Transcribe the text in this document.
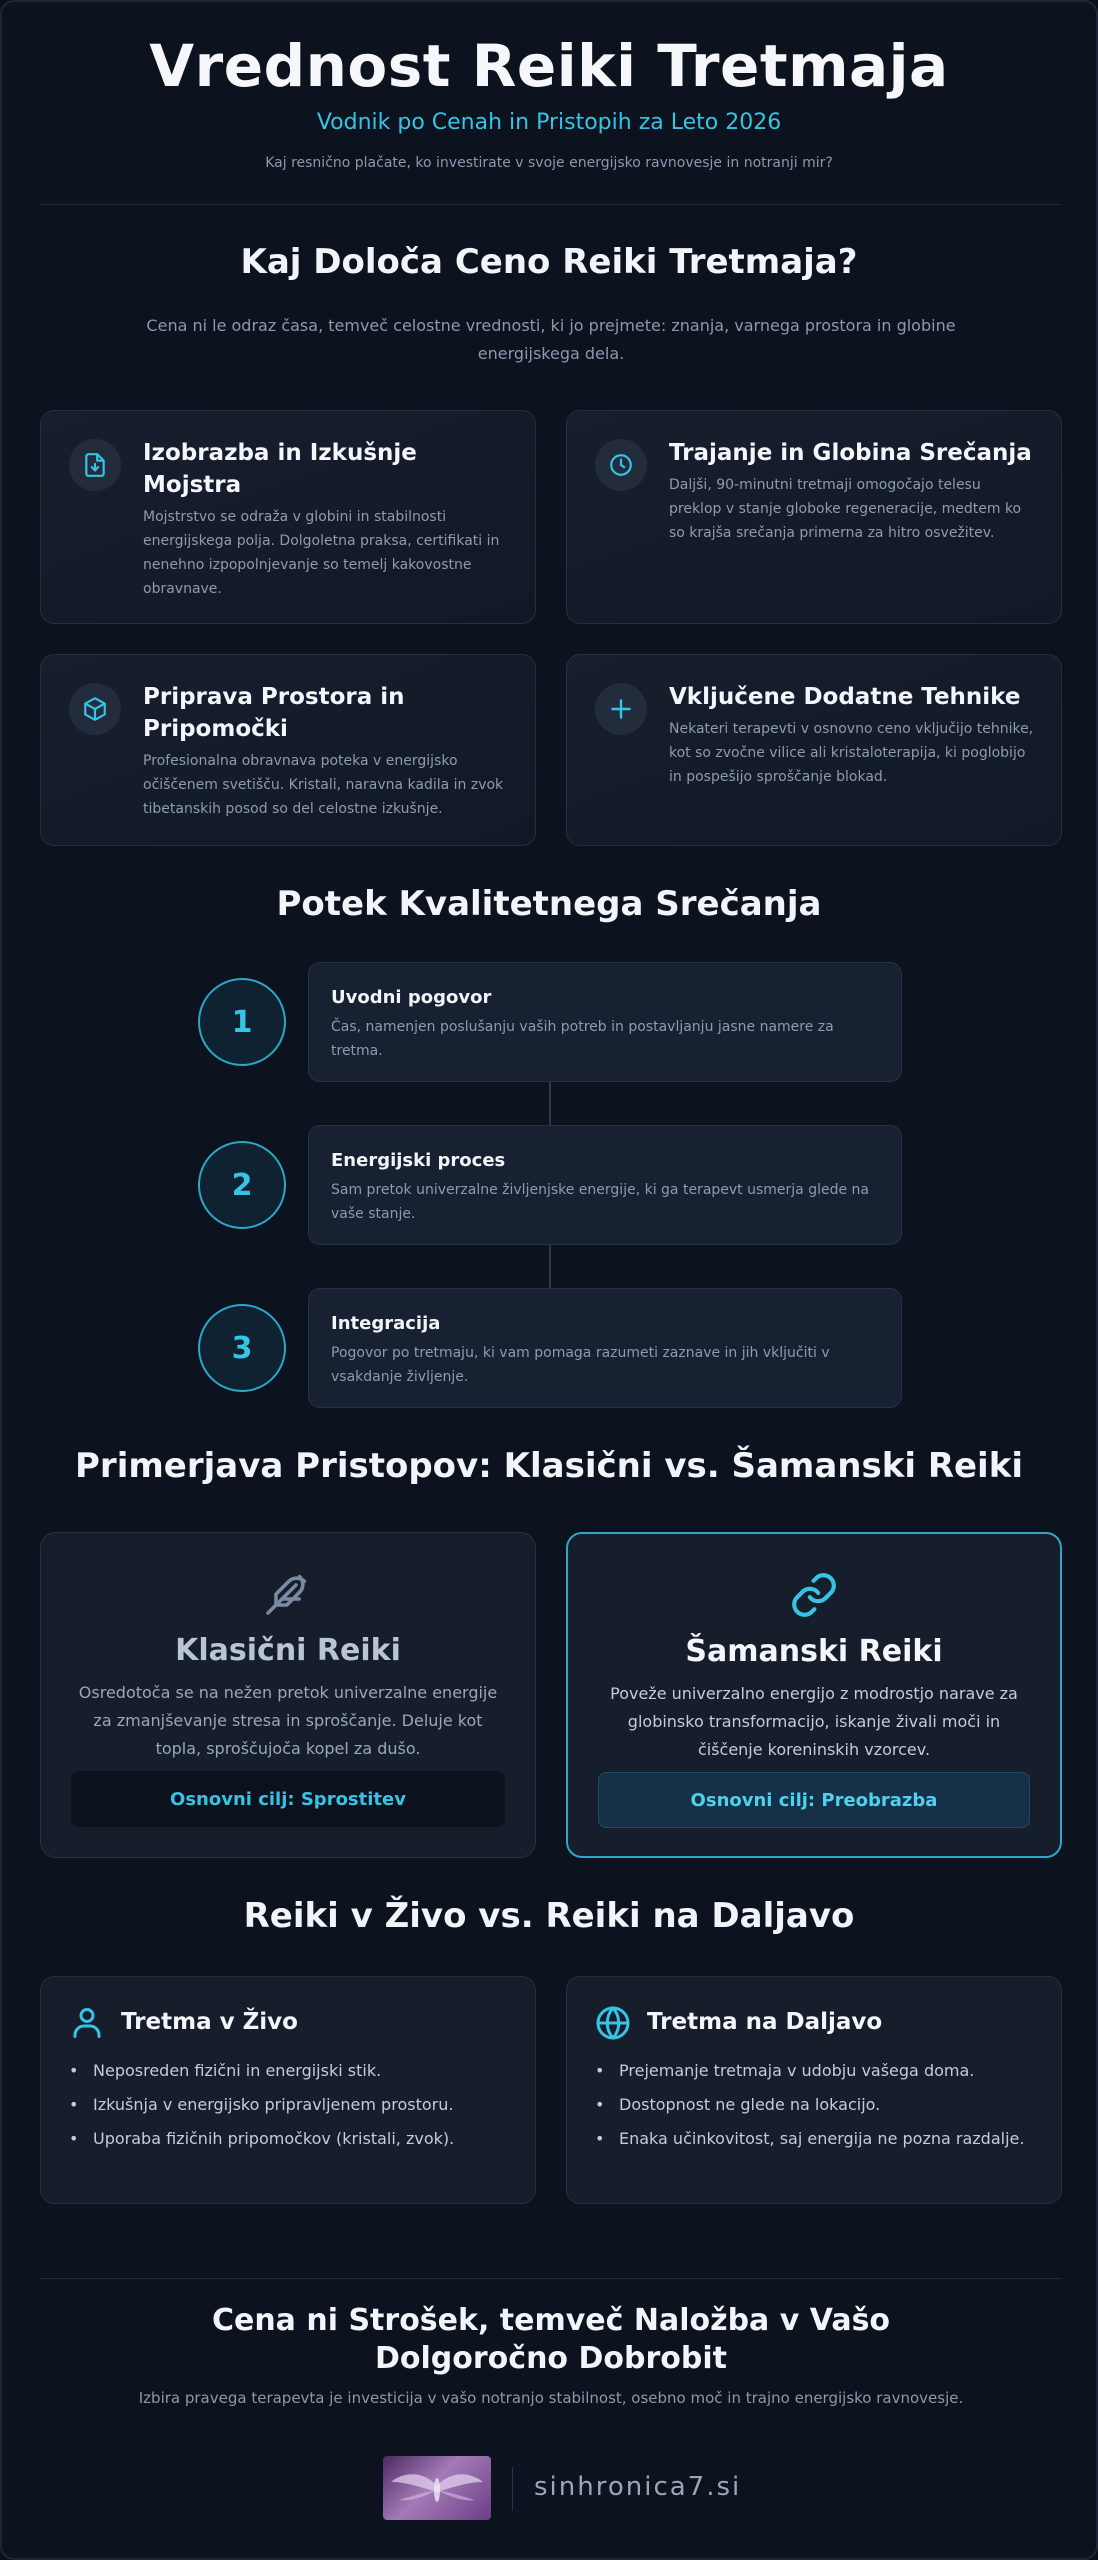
Vrednost Reiki Tretmaja
Vodnik po Cenah in Pristopih za Leto 2026
Kaj resnično plačate, ko investirate v svoje energijsko ravnovesje in notranji mir?
Kaj Določa Ceno Reiki Tretmaja?
Cena ni le odraz časa, temveč celostne vrednosti, ki jo prejmete: znanja, varnega prostora in globine energijskega dela.
Izobrazba in Izkušnje Mojstra
Mojstrstvo se odraža v globini in stabilnosti energijskega polja. Dolgoletna praksa, certifikati in nenehno izpopolnjevanje so temelj kakovostne obravnave.
Trajanje in Globina Srečanja
Daljši, 90-minutni tretmaji omogočajo telesu preklop v stanje globoke regeneracije, medtem ko so krajša srečanja primerna za hitro osvežitev.
Priprava Prostora in Pripomočki
Profesionalna obravnava poteka v energijsko očiščenem svetišču. Kristali, naravna kadila in zvok tibetanskih posod so del celostne izkušnje.
Vključene Dodatne Tehnike
Nekateri terapevti v osnovno ceno vključijo tehnike, kot so zvočne vilice ali kristaloterapija, ki poglobijo in pospešijo sproščanje blokad.
Potek Kvalitetnega Srečanja
1
Uvodni pogovor
Čas, namenjen poslušanju vaših potreb in postavljanju jasne namere za tretma.
2
Energijski proces
Sam pretok univerzalne življenjske energije, ki ga terapevt usmerja glede na vaše stanje.
3
Integracija
Pogovor po tretmaju, ki vam pomaga razumeti zaznave in jih vključiti v vsakdanje življenje.
Primerjava Pristopov: Klasični vs. Šamanski Reiki
Klasični Reiki
Osredotoča se na nežen pretok univerzalne energije za zmanjševanje stresa in sproščanje. Deluje kot topla, sproščujoča kopel za dušo.
Osnovni cilj: Sprostitev
Šamanski Reiki
Poveže univerzalno energijo z modrostjo narave za globinsko transformacijo, iskanje živali moči in čiščenje koreninskih vzorcev.
Osnovni cilj: Preobrazba
Reiki v Živo vs. Reiki na Daljavo
Tretma v Živo
• Neposreden fizični in energijski stik.
• Izkušnja v energijsko pripravljenem prostoru.
• Uporaba fizičnih pripomočkov (kristali, zvok).
Tretma na Daljavo
• Prejemanje tretmaja v udobju vašega doma.
• Dostopnost ne glede na lokacijo.
• Enaka učinkovitost, saj energija ne pozna razdalje.
Cena ni Strošek, temveč Naložba v Vašo Dolgoročno Dobrobit
Izbira pravega terapevta je investicija v vašo notranjo stabilnost, osebno moč in trajno energijsko ravnovesje.
sinhronica7.si
